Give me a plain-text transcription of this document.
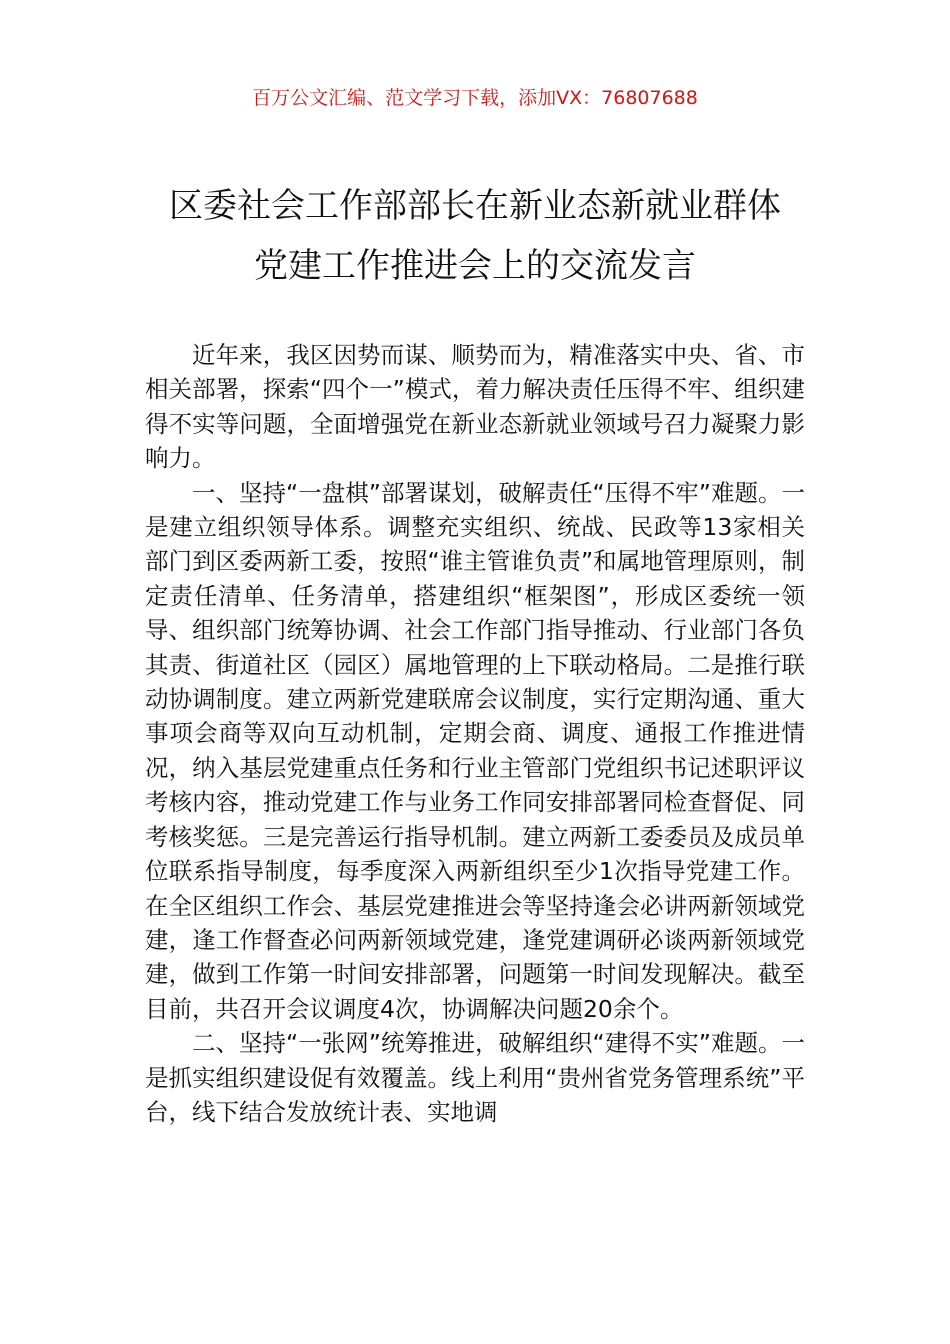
百万公文汇编、范文学习下载，添加VX：76807688
区委社会工作部部长在新业态新就业群体
党建工作推进会上的交流发言

近年来，我区因势而谋、顺势而为，精准落实中央、省、市相关部署，探索“四个一”模式，着力解决责任压得不牢、组织建得不实等问题，全面增强党在新业态新就业领域号召力凝聚力影响力。

一、坚持“一盘棋”部署谋划，破解责任“压得不牢”难题。一是建立组织领导体系。调整充实组织、统战、民政等13家相关部门到区委两新工委，按照“谁主管谁负责”和属地管理原则，制定责任清单、任务清单，搭建组织“框架图”，形成区委统一领导、组织部门统筹协调、社会工作部门指导推动、行业部门各负其责、街道社区（园区）属地管理的上下联动格局。二是推行联动协调制度。建立两新党建联席会议制度，实行定期沟通、重大事项会商等双向互动机制，定期会商、调度、通报工作推进情况，纳入基层党建重点任务和行业主管部门党组织书记述职评议考核内容，推动党建工作与业务工作同安排部署同检查督促、同考核奖惩。三是完善运行指导机制。建立两新工委委员及成员单位联系指导制度，每季度深入两新组织至少1次指导党建工作。在全区组织工作会、基层党建推进会等坚持逢会必讲两新领域党建，逢工作督查必问两新领域党建，逢党建调研必谈两新领域党建，做到工作第一时间安排部署，问题第一时间发现解决。截至目前，共召开会议调度4次，协调解决问题20余个。

二、坚持“一张网”统筹推进，破解组织“建得不实”难题。一是抓实组织建设促有效覆盖。线上利用“贵州省党务管理系统”平台，线下结合发放统计表、实地调
